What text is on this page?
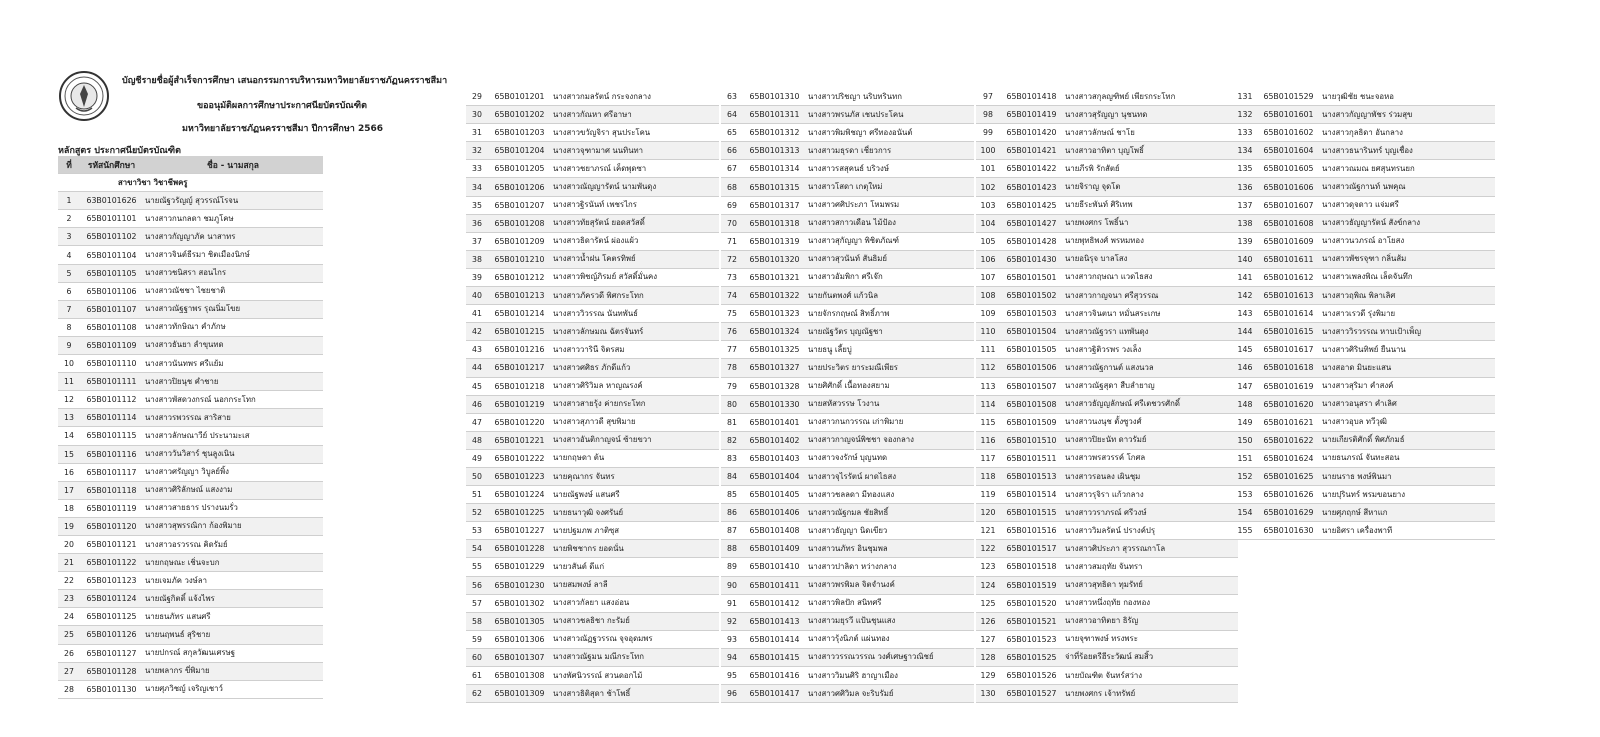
บัญชีรายชื่อผู้สำเร็จการศึกษา เสนอกรรมการบริหารมหาวิทยาลัยราชภัฏนครราชสีมา
ขออนุมัติผลการศึกษาประกาศนียบัตรบัณฑิต
มหาวิทยาลัยราชภัฏนครราชสีมา ปีการศึกษา 2566
หลักสูตร ประกาศนียบัตรบัณฑิต
ที่	รหัสนักศึกษา	ชื่อ - นามสกุล
สาขาวิชา วิชาชีพครู		
1	63B0101626	นายณัฐวรัญญ์ สุวรรณ์โรจน
2	65B0101101	นางสาวกนกลดา ชมภูโคษ
3	65B0101102	นางสาวกัญญาภัค นาสาทร
4	65B0101104	นางสาวจินต์ธีรมา ชิตเมืองนิกษ์
5	65B0101105	นางสาวชนิสรา สอนไกร
6	65B0101106	นางสาวณัชชา ไชยชาติ
7	65B0101107	นางสาวณัฐฐาพร รุณนิ่มโขย
8	65B0101108	นางสาวทักษิณา คำภักษ
9	65B0101109	นางสาวธันยา ลำขุนทด
10	65B0101110	นางสาวนันทพร ศรีแย้ม
11	65B0101111	นางสาวปิยนุช คำชาย
12	65B0101112	นางสาวพัสดวงกรณ์ นอกกระโทก
13	65B0101114	นางสาวรพวรรณ สาริสาย
14	65B0101115	นางสาวลักษณาวีย์ ประนามะเส
15	65B0101116	นางสาววันวิสาร์ ชุนลูงเนิน
16	65B0101117	นางสาวศรัญญา วิบูลย์พิ้ง
17	65B0101118	นางสาวศิริลักษณ์ แสงงาม
18	65B0101119	นางสาวสายธาร ปรางนมรั่ว
19	65B0101120	นางสาวสุพรรณิกา ก้องพิมาย
20	65B0101121	นางสาวอรวรรณ คิดรัมย์
21	65B0101122	นายกฤษณะ เชิ่นจะบก
22	65B0101123	นายเจมภัค วงษ์ลา
23	65B0101124	นายณัฐกิตติ์ แจ้งไพร
24	65B0101125	นายธนภัทร แสนศรี
25	65B0101126	นายนฤพนธ์ สุริชาย
26	65B0101127	นายปกรณ์ สกุลวัฒนเศรษฐ
27	65B0101128	นายพลากร ขี่พิมาย
28	65B0101130	นายศุภวิชญ์ เจริญเชาว์
29	65B0101201	นางสาวกมลรัตน์ กระจงกลาง
30	65B0101202	นางสาวกัณหา ศรีอาษา
31	65B0101203	นางสาวขวัญจิรา สุนประโคน
32	65B0101204	นางสาวจุฑามาศ นนทินทา
33	65B0101205	นางสาวชยาภรณ์ เค็ดพุดซา
34	65B0101206	นางสาวณัญญารัตน์ นามพันดุง
35	65B0101207	นางสาวฐิรนันท์ เพชรไกร
36	65B0101208	นางสาวทัยสุรัตน์ ยอดสวัสดิ์
37	65B0101209	นางสาวธิดารัตน์ ผ่องแผ้ว
38	65B0101210	นางสาวน้ำฝน โคตรทิพย์
39	65B0101212	นางสาวพิชญ์ภิรมย์ สวัสดิ์มั่นคง
40	65B0101213	นางสาวภัครวดี พิศกระโทก
41	65B0101214	นางสาววิวรรณ นันทพันธ์
42	65B0101215	นางสาวลักษมณ ฉัตรจันทร์
43	65B0101216	นางสาววารินี จิตรสม
44	65B0101217	นางสาวศศิธร ภักดีแก้ว
45	65B0101218	นางสาวศิริวิมล หาญณรงค์
46	65B0101219	นางสาวสายรุ้ง ค่ายกระโทก
47	65B0101220	นางสาวสุภาวดี สุขพิมาย
48	65B0101221	นางสาวอันติกาญจน์ ซ้ายขวา
49	65B0101222	นายกฤษดา ต้น
50	65B0101223	นายคุณากร จันทร
51	65B0101224	นายณัฐพงษ์ แสนศรี
52	65B0101225	นายธนาวุฒิ จงศรันย์
53	65B0101227	นายปฐมภพ ภาติซุส
54	65B0101228	นายพิชชากร ยอดนั่น
55	65B0101229	นายวสันต์ ดีแก่
56	65B0101230	นายสมพงษ์ ลาลี
57	65B0101302	นางสาวกัลยา แสงอ่อน
58	65B0101305	นางสาวชลธิชา กะรัมย์
59	65B0101306	นางสาวณัฏฐวรรณ จุจอุดมพร
60	65B0101307	นางสาวณัฐมน มณีกระโทก
61	65B0101308	นางพัศนิวรรณ์ สวนดอกไม้
62	65B0101309	นางสาวธิติสุดา ช้าโพธิ์
63	65B0101310	นางสาวปริชญา นริบทรินทก
64	65B0101311	นางสาวพรนภัส เชนประโคน
65	65B0101312	นางสาวพิมพิชญา ศรีทองอนันต์
66	65B0101313	นางสาวมธุรดา เชี่ยวการ
67	65B0101314	นางสาวรสสุคนธ์ บริวงษ์
68	65B0101315	นางสาวโสดา เกตุใหม่
69	65B0101317	นางสาวศศิประภา โหมพรม
70	65B0101318	นางสาวสกาวเดือน ไม้ป้อง
71	65B0101319	นางสาวสุกัญญา พิชิตภัณฑ์
72	65B0101320	นางสาวสุวนันท์ สันธิมย์
73	65B0101321	นางสาวอัมพิกา ศรีเจ๊ก
74	65B0101322	นายกันตพงศ์ แก้วนิล
75	65B0101323	นายจักรกฤษณ์ สิทธิ์ภาพ
76	65B0101324	นายณัฐวัตร บุญณัฐชา
77	65B0101325	นายธนู เลี้ยบู่
78	65B0101327	นายประวิตร ยาระมณีเพียร
79	65B0101328	นายศิศักดิ์ เนื้อทองสยาม
80	65B0101330	นายสหัสวรรษ โวงาน
81	65B0101401	นางสาวกนกวรรณ เก่าพิมาย
82	65B0101402	นางสาวกาญจน์พิชชา จองกลาง
83	65B0101403	นางสาวจงรักษ์ บุญนทด
84	65B0101404	นางสาวจุไรรัตน์ ผาดไธสง
85	65B0101405	นางสาวชลลดา มีทองแสง
86	65B0101406	นางสาวณัฐกมล ชัยสิทธิ์
87	65B0101408	นางสาวธัญญา นิดเขียว
88	65B0101409	นางสาวนภัทร อินชุมพล
89	65B0101410	นางสาวปาลิดา หว่างกลาง
90	65B0101411	นางสาวพรพิมล จิตจำนงค์
91	65B0101412	นางสาวพิลปัก สนิทศรี
92	65B0101413	นางสาวมยุรวี แป้นชุนแสง
93	65B0101414	นางสาวรุ้งนิภต์ แผ่นทอง
94	65B0101415	นางสาววรรณวรรณ วงศ์เศษฐาวณิชย์
95	65B0101416	นางสาววิมนศิริ ฮาญาเมือง
96	65B0101417	นางสาวศศิวิมล จะริบรัมย์
97	65B0101418	นางสาวสกุลญฑิพย์ เพียรกระโทก
98	65B0101419	นางสาวสุรัญญา นุชนทด
99	65B0101420	นางสาวลักษณ์ ชาโย
100	65B0101421	นางสาวอาทิตา บุญโพธิ์
101	65B0101422	นายภีรพิ รักสัตย์
102	65B0101423	นายจิราญ จุดโต
103	65B0101425	นายธีระพันท์ ศิริเทพ
104	65B0101427	นายพงศกร โพธิ์นา
105	65B0101428	นายพุทธิพงศ์ พรหมทอง
106	65B0101430	นายอนิรุจ บาลโสง
107	65B0101501	นางสาวกฤษณา แวดไธสง
108	65B0101502	นางสาวกาญจนา ศรีสุวรรณ
109	65B0101503	นางสาวจินตนา หมั่นสระเกษ
110	65B0101504	นางสาวณัฐวรา แทพันดุง
111	65B0101505	นางสาวฐิติวรพร วงเล็ง
112	65B0101506	นางสาวณัฐกานต์ แสงนวล
113	65B0101507	นางสาวณัฐสุดา สืบลำยาญ
114	65B0101508	นางสาวธัญญลักษณ์ ศรีเตชวรศักดิ์
115	65B0101509	นางสาวนงนุช ตั้งซูวงศ์
116	65B0101510	นางสาวปิยะนัท ดาวรัมย์
117	65B0101511	นางสาวพรสวรรค์ โกศล
118	65B0101513	นางสาวรอนลง เผินชุม
119	65B0101514	นางสาวรุจิรา แก้วกลาง
120	65B0101515	นางสาววราภรณ์ ศรีวงษ์
121	65B0101516	นางสาววิมลรัตน์ ปรางค์ปรุ
122	65B0101517	นางสาวศิประภา สุวรรณกาโล
123	65B0101518	นางสาวสมฤทัย จันทรา
124	65B0101519	นางสาวสุทธิดา ทุมรัทย์
125	65B0101520	นางสาวหนึ่งฤทัย กองทอง
126	65B0101521	นางสาวอาทิตยา ธิรัญ
127	65B0101523	นายจุฑาพงษ์ ทรงพระ
128	65B0101525	จ่าที่ร้อยตรีฮีระวัฒน์ สมสิ้ว
129	65B0101526	นายบัณฑิต จันทร์สว่าง
130	65B0101527	นายพงศกร เจ้าทรัพย์
131	65B0101529	นายวุฒิชัย ชนะจอหอ
132	65B0101601	นางสาวกัญญาพัชร ร่วมสุข
133	65B0101602	นางสาวกุลธิดา อันกลาง
134	65B0101604	นางสาวธนารินทร์ บุญเชื่อง
135	65B0101605	นางสาวณมณ ยศสุนทรนยก
136	65B0101606	นางสาวณัฐกานท์ นพคุณ
137	65B0101607	นางสาวดุจดาว แจ่มศรี
138	65B0101608	นางสาวธัญญารัตน์ สังข์กลาง
139	65B0101609	นางสาวนวภรณ์ อาโยสง
140	65B0101611	นางสาวพัชรจุฑา กลิ่นส้ม
141	65B0101612	นางสาวเพลงพิณ เล็ดจันทึก
142	65B0101613	นางสาวฤพิณ พิลาเลิศ
143	65B0101614	นางสาวเรวดี รุ่งพิมาย
144	65B0101615	นางสาววิรวรรณ หาบเป้าเพ็ญ
145	65B0101617	นางสาวศิรินทิพย์ ยืนนาน
146	65B0101618	นางสอาด มินยะแสน
147	65B0101619	นางสาวสุริมา คำสงค์
148	65B0101620	นางสาวอนุสรา คำเลิศ
149	65B0101621	นางสาวอุบล ทวีวุฒิ
150	65B0101622	นายเกียรติศักดิ์ พิศภักมธ์
151	65B0101624	นายธนภรณ์ จันทะสอน
152	65B0101625	นายนราธ พงษ์พินมา
153	65B0101626	นายปุรินทร์ พรมขอนยาง
154	65B0101629	นายศุภฤกษ์ สีหาแก
155	65B0101630	นายอิศรา เครื่องพาที
